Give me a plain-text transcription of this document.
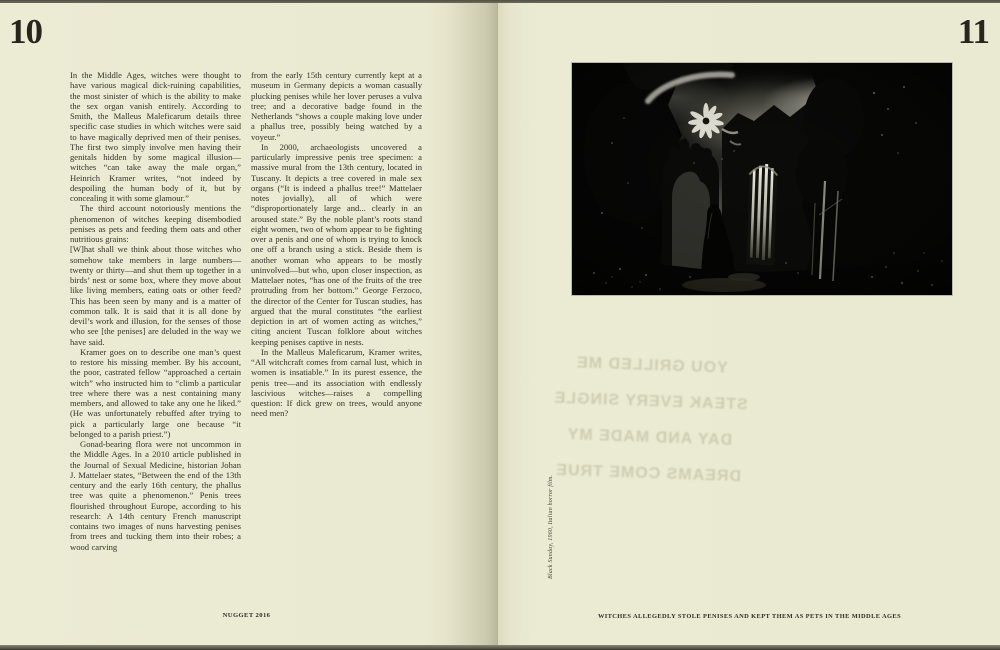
10

In the Middle Ages, witches were thought to have various magical dick-ruining capabilities, the most sinister of which is the ability to make the sex organ vanish entirely. According to Smith, the Malleus Maleficarum details three specific case studies in which witches were said to have magically deprived men of their penises. The first two simply involve men having their genitals hidden by some magical illusion—witches “can take away the male organ,” Heinrich Kramer writes, “not indeed by despoiling the human body of it, but by concealing it with some glamour.”

The third account notoriously mentions the phenomenon of witches keeping disembodied penises as pets and feeding them oats and other nutritious grains:

[W]hat shall we think about those witches who somehow take members in large numbers—twenty or thirty—and shut them up together in a birds’ nest or some box, where they move about like living members, eating oats or other feed? This has been seen by many and is a matter of common talk. It is said that it is all done by devil’s work and illusion, for the senses of those who see [the penises] are deluded in the way we have said.

Kramer goes on to describe one man’s quest to restore his missing member. By his account, the poor, castrated fellow “approached a certain witch” who instructed him to “climb a particular tree where there was a nest containing many members, and allowed to take any one he liked.” (He was unfortunately rebuffed after trying to pick a particularly large one because “it belonged to a parish priest.”)

Gonad-bearing flora were not uncommon in the Middle Ages. In a 2010 article published in the Journal of Sexual Medicine, historian Johan J. Mattelaer states, “Between the end of the 13th century and the early 16th century, the phallus tree was quite a phenomenon.” Penis trees flourished throughout Europe, according to his research: A 14th century French manuscript contains two images of nuns harvesting penises from trees and tucking them into their robes; a wood carving

from the early 15th century currently kept at a museum in Germany depicts a woman casually plucking penises while her lover peruses a vulva tree; and a decorative badge found in the Netherlands “shows a couple making love under a phallus tree, possibly being watched by a voyeur.”

In 2000, archaeologists uncovered a particularly impressive penis tree specimen: a massive mural from the 13th century, located in Tuscany. It depicts a tree covered in male sex organs (“It is indeed a phallus tree!” Mattelaer notes jovially), all of which were “disproportionately large and... clearly in an aroused state.” By the noble plant’s roots stand eight women, two of whom appear to be fighting over a penis and one of whom is trying to knock one off a branch using a stick. Beside them is another woman who appears to be mostly uninvolved—but who, upon closer inspection, as Mattelaer notes, “has one of the fruits of the tree protruding from her bottom.” George Ferzoco, the director of the Center for Tuscan studies, has argued that the mural constitutes “the earliest depiction in art of women acting as witches,” citing ancient Tuscan folklore about witches keeping penises captive in nests.

In the Malleus Maleficarum, Kramer writes, “All witchcraft comes from carnal lust, which in women is insatiable.” In its purest essence, the penis tree—and its association with endlessly lascivious witches—raises a compelling question: If dick grew on trees, would anyone need men?

NUGGET 2016
11
YOU GRILLED ME
STEAK EVERY SINGLE
DAY AND MADE MY
DREAMS COME TRUE
Black Sunday, 1960, Italian horror film.
WITCHES ALLEGEDLY STOLE PENISES AND KEPT THEM AS PETS IN THE MIDDLE AGES
